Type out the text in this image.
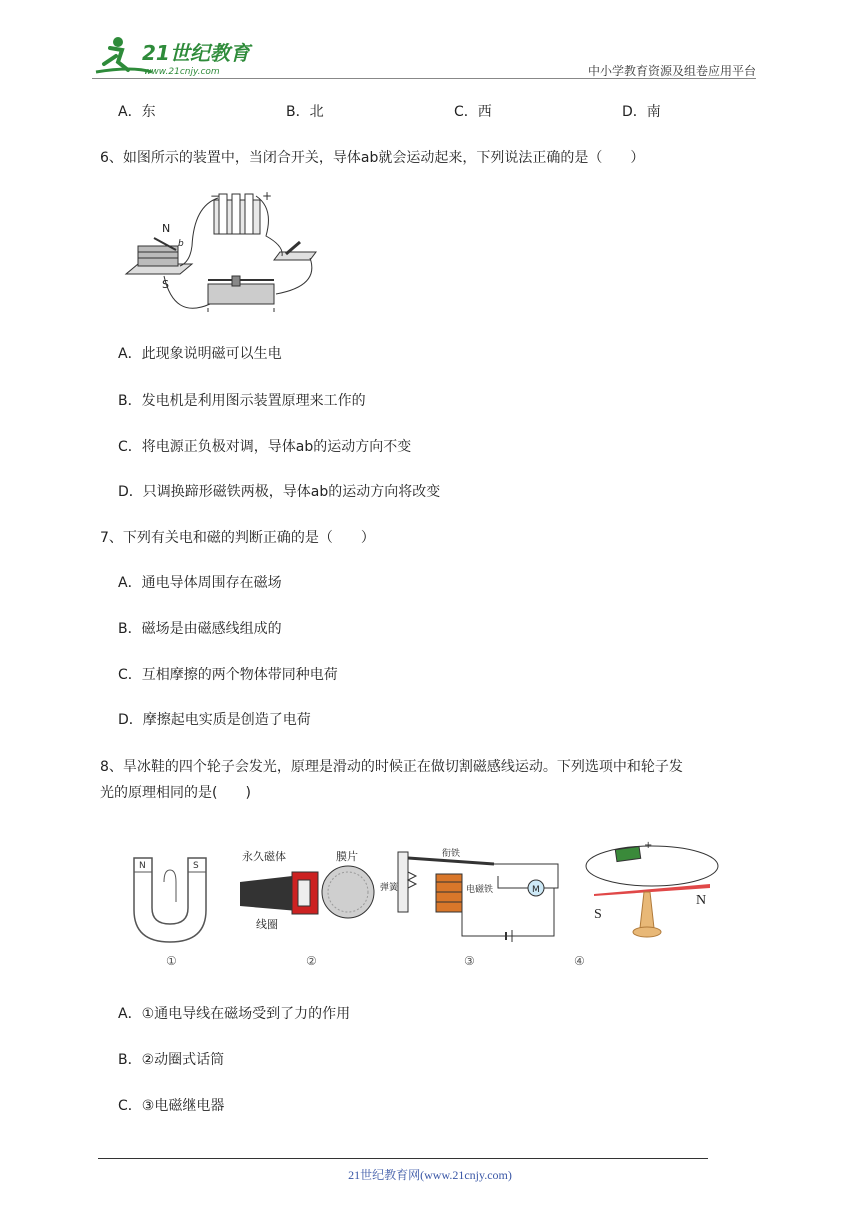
21世纪教育
www.21cnjy.com	中小学教育资源及组卷应用平台
A．东	B．北	C．西	D．南
6、如图所示的装置中，当闭合开关，导体ab就会运动起来，下列说法正确的是（　　）
−	+
N
S
b
A．此现象说明磁可以生电
B．发电机是利用图示装置原理来工作的
C．将电源正负极对调，导体ab的运动方向不变
D．只调换蹄形磁铁两极，导体ab的运动方向将改变
7、下列有关电和磁的判断正确的是（　　）
A．通电导体周围存在磁场
B．磁场是由磁感线组成的
C．互相摩擦的两个物体带同种电荷
D．摩擦起电实质是创造了电荷
8、旱冰鞋的四个轮子会发光，原理是滑动的时候正在做切割磁感线运动。下列选项中和轮子发
光的原理相同的是(　　)
N	S
①
永久磁体	膜片
线圈
②
M
衔铁
弹簧	电磁铁
③
+
S
N
④
A．①通电导线在磁场受到了力的作用
B．②动圈式话筒
C．③电磁继电器
21世纪教育网(www.21cnjy.com)
